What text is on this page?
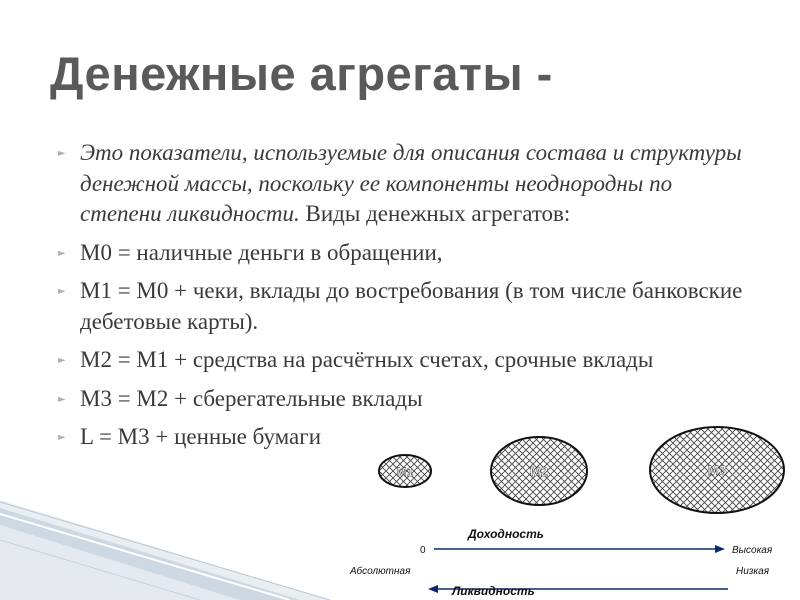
Денежные агрегаты -
► Это показатели, используемые для описания состава и структуры денежной массы, поскольку ее компоненты неоднородны по степени ликвидности. Виды денежных агрегатов:
► М0 = наличные деньги в обращении,
► М1 = М0 + чеки, вклады до востребования (в том числе банковские дебетовые карты).
► М2 = М1 + средства на расчётных счетах, срочные вклады
► М3 = М2 + сберегательные вклады
► L = М3 + ценные бумаги
M1	M2	M3
Доходность
0	Высокая
Абсолютная	Низкая
Ликвидность
